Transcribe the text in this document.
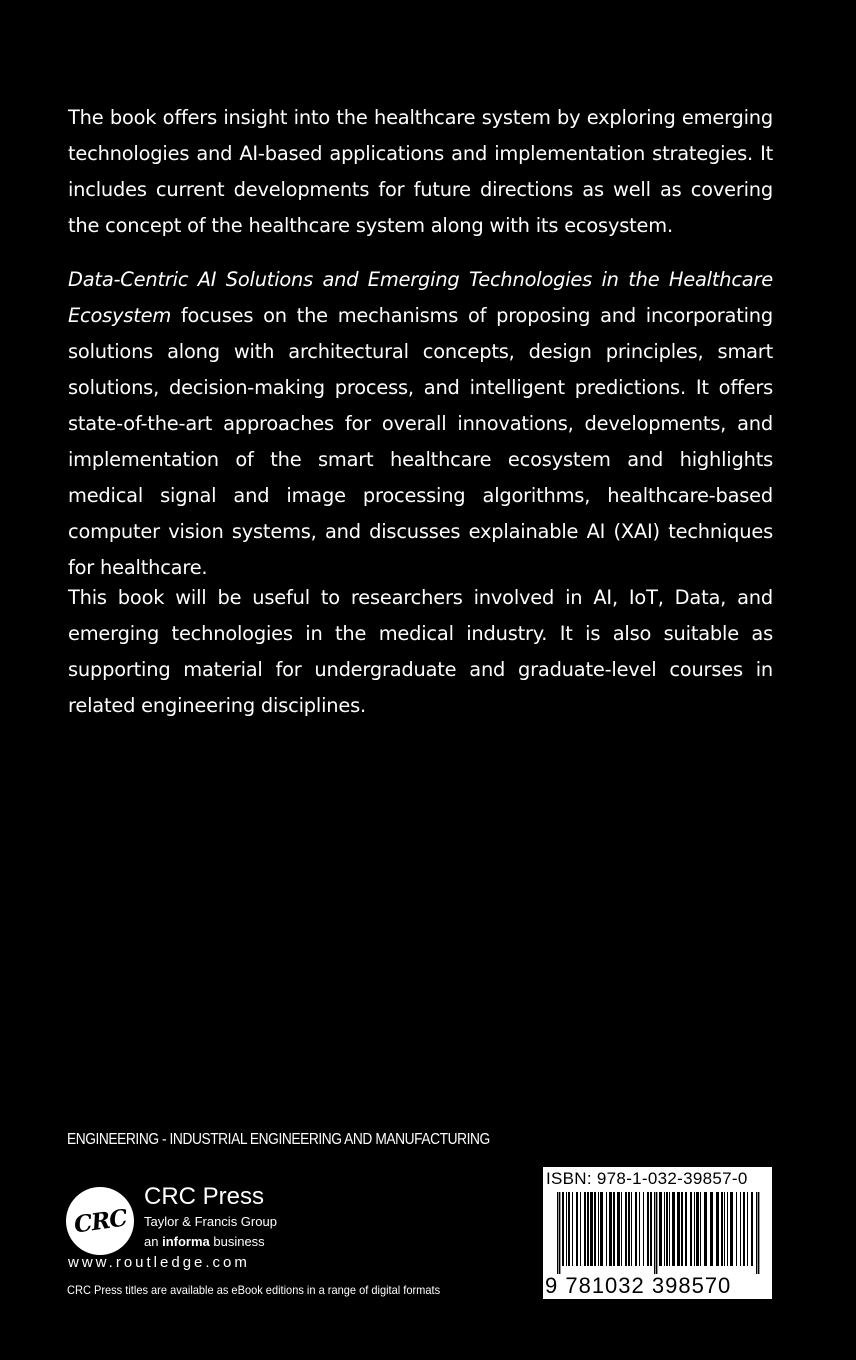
The book offers insight into the healthcare system by exploring emerging technologies and AI-based applications and implementation strategies. It includes current developments for future directions as well as covering the concept of the healthcare system along with its ecosystem.

Data-Centric AI Solutions and Emerging Technologies in the Healthcare Ecosystem focuses on the mechanisms of proposing and incorporating solutions along with architectural concepts, design principles, smart solutions, decision-making process, and intelligent predictions. It offers state-of-the-art approaches for overall innovations, developments, and implementation of the smart healthcare ecosystem and highlights medical signal and image processing algorithms, healthcare-based computer vision systems, and discusses explainable AI (XAI) techniques for healthcare.

This book will be useful to researchers involved in AI, IoT, Data, and emerging technologies in the medical industry. It is also suitable as supporting material for undergraduate and graduate-level courses in related engineering disciplines.

ENGINEERING - INDUSTRIAL ENGINEERING AND MANUFACTURING
CRC
CRC Press
Taylor & Francis Group
an informa business
www.routledge.com
CRC Press titles are available as eBook editions in a range of digital formats
ISBN: 978-1-032-39857-0
9 781032 398570
